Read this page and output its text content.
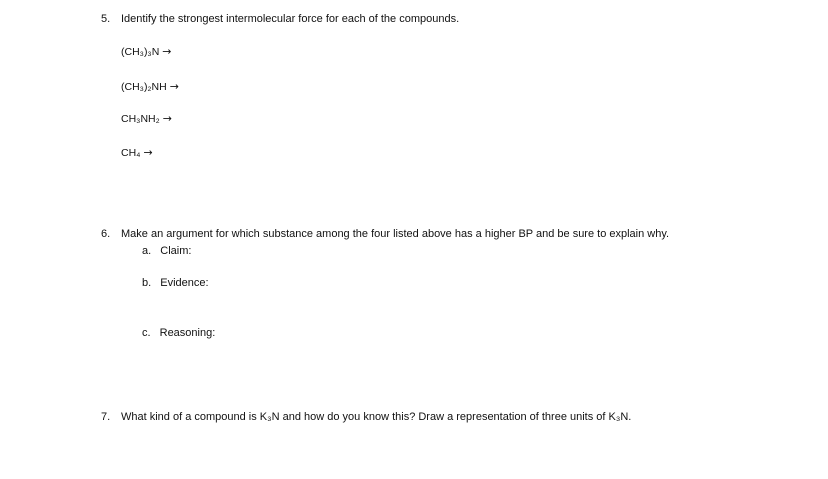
5. Identify the strongest intermolecular force for each of the compounds.
(CH₃)₃N →
(CH₃)₂NH →
CH₃NH₂ →
CH₄ →
6. Make an argument for which substance among the four listed above has a higher BP and be sure to explain why.
a. Claim:
b. Evidence:
c. Reasoning:
7. What kind of a compound is K₃N and how do you know this? Draw a representation of three units of K₃N.
